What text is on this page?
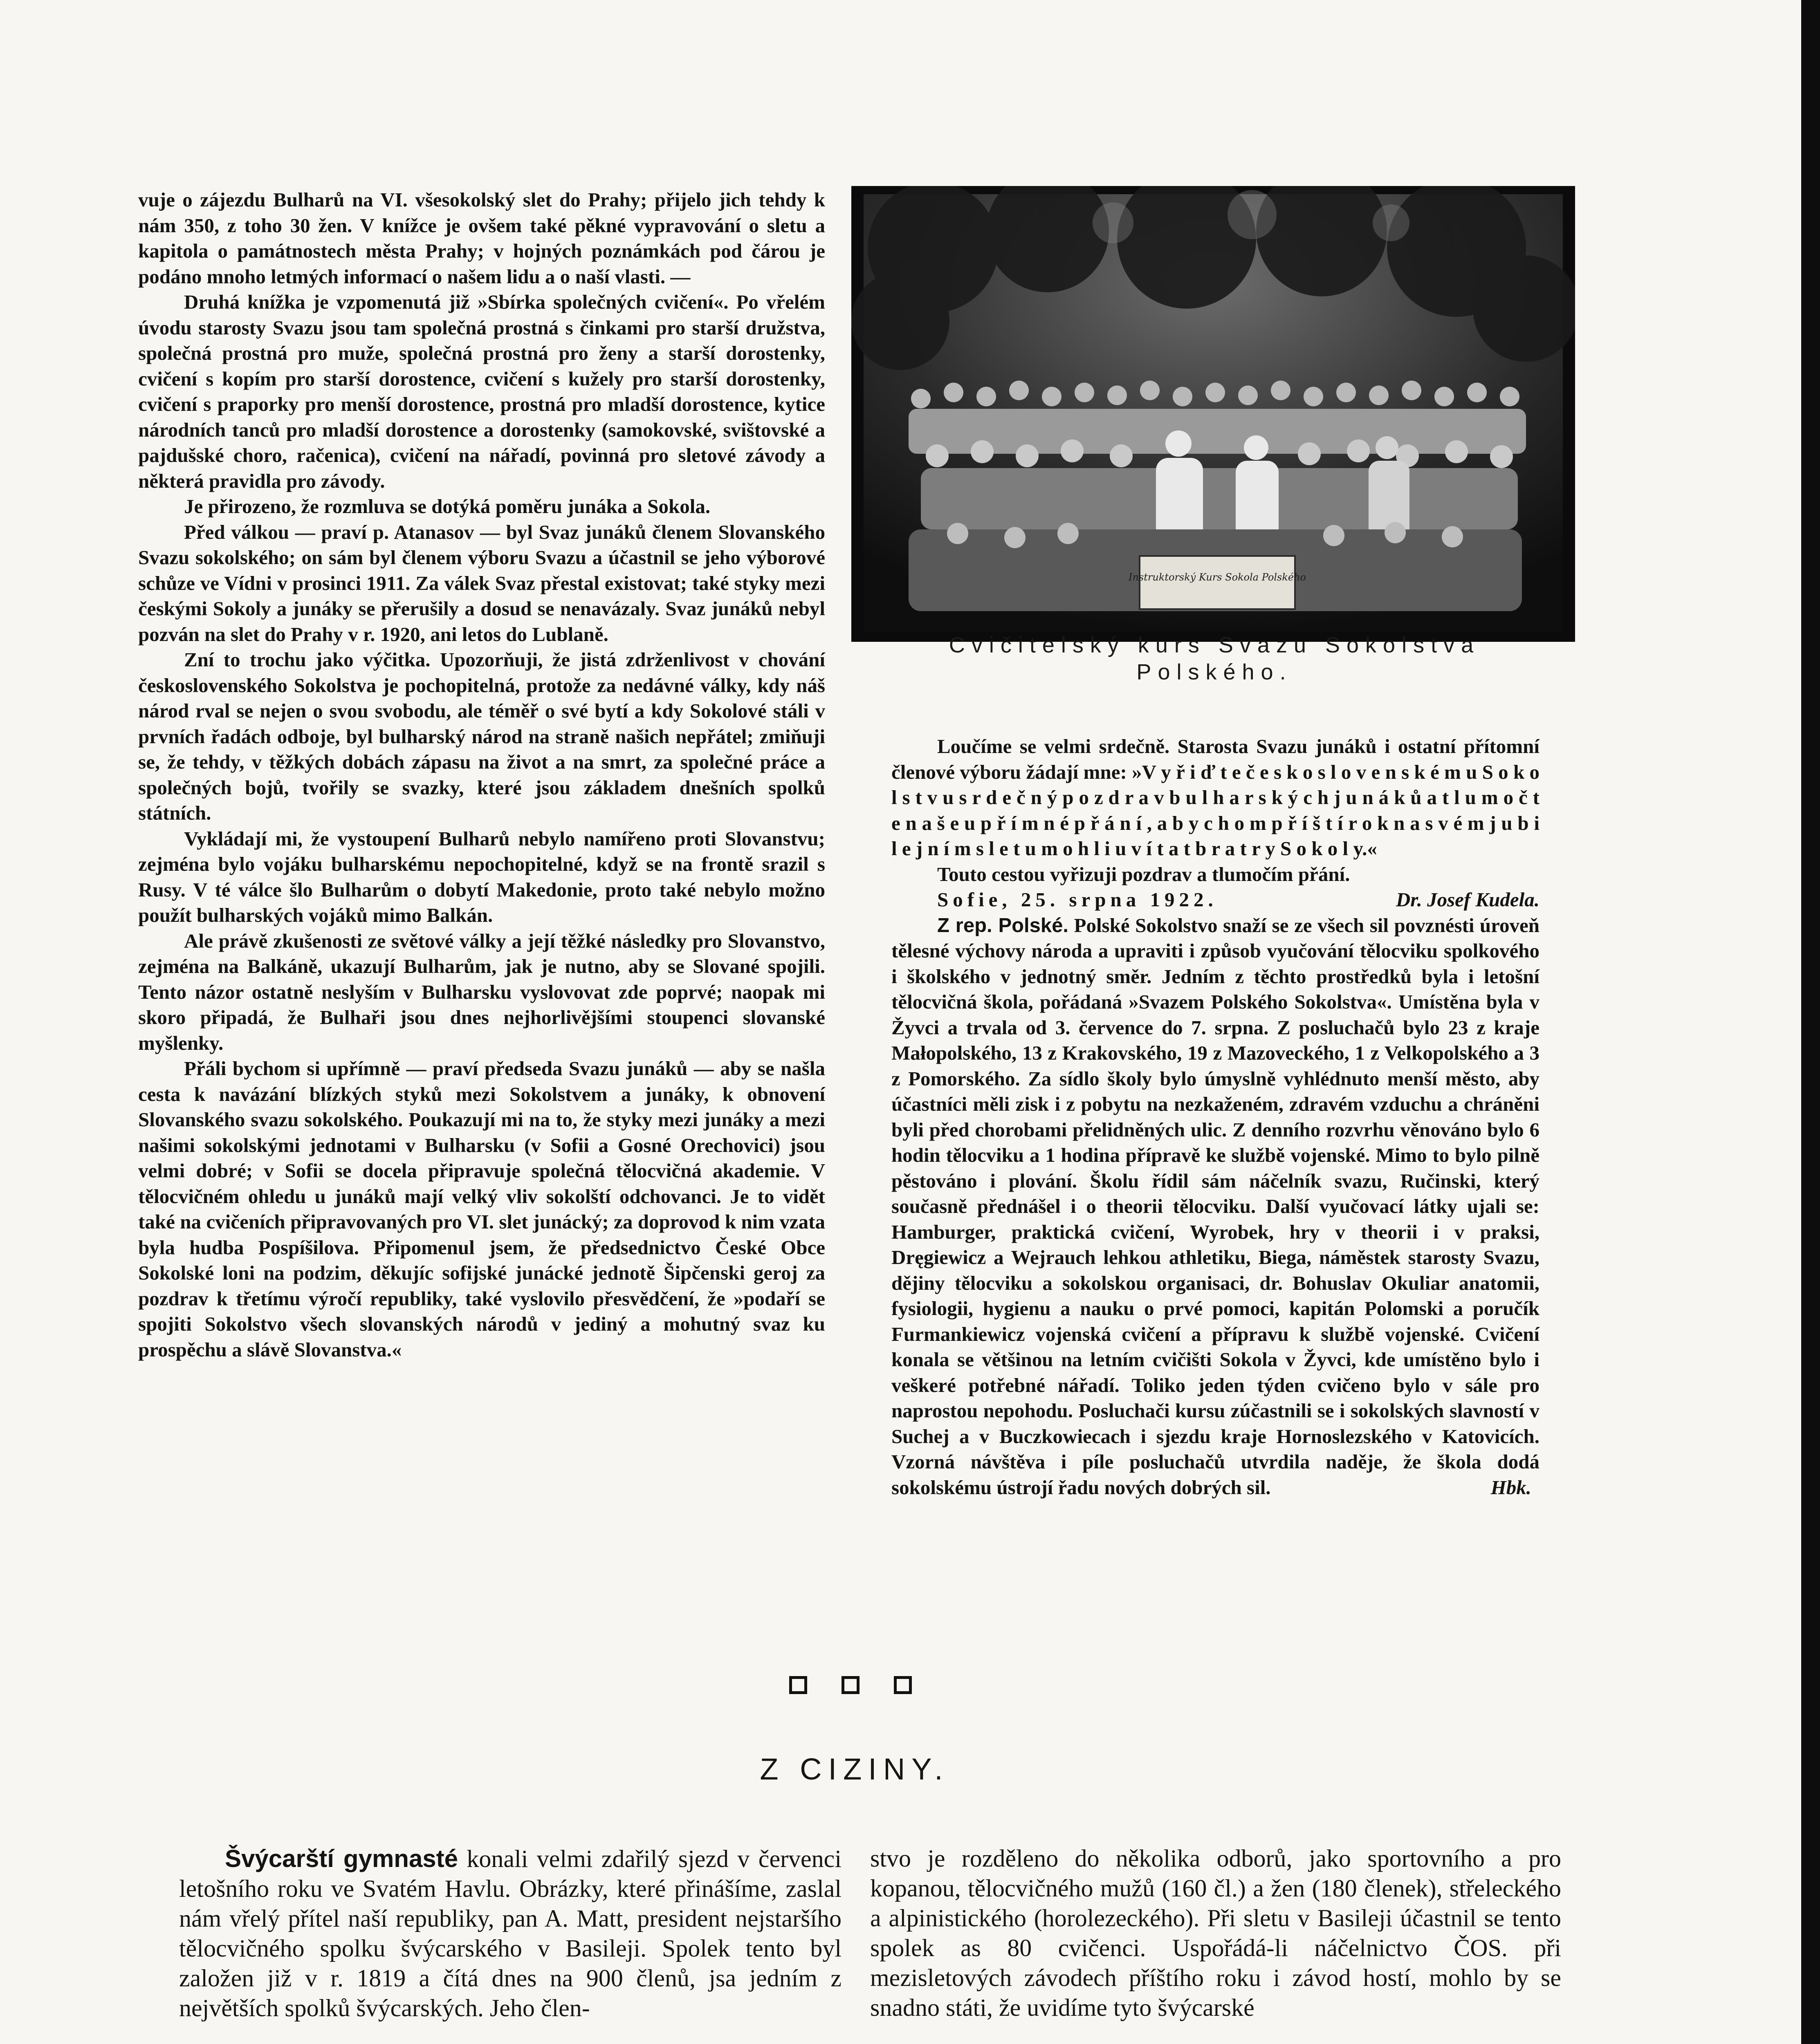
vuje o zájezdu Bulharů na VI. všesokolský slet do Prahy; přijelo jich tehdy k nám 350, z toho 30 žen. V knížce je ovšem také pěkné vypravování o sletu a kapitola o památnostech města Prahy; v hojných poznámkách pod čárou je podáno mnoho letmých informací o našem lidu a o naší vlasti. —

Druhá knížka je vzpomenutá již »Sbírka společných cvičení«. Po vřelém úvodu starosty Svazu jsou tam společná prostná s činkami pro starší družstva, společná prostná pro muže, společná prostná pro ženy a starší dorostenky, cvičení s kopím pro starší dorostence, cvičení s kužely pro starší dorostenky, cvičení s praporky pro menší dorostence, prostná pro mladší dorostence, kytice národních tanců pro mladší dorostence a dorostenky (samokovské, svištovské a pajdušské choro, račenica), cvičení na nářadí, povinná pro sletové závody a některá pravidla pro závody.

Je přirozeno, že rozmluva se dotýká poměru junáka a Sokola.

Před válkou — praví p. Atanasov — byl Svaz junáků členem Slovanského Svazu sokolského; on sám byl členem výboru Svazu a účastnil se jeho výborové schůze ve Vídni v prosinci 1911. Za válek Svaz přestal existovat; také styky mezi českými Sokoly a junáky se přerušily a dosud se nenavázaly. Svaz junáků nebyl pozván na slet do Prahy v r. 1920, ani letos do Lublaně.

Zní to trochu jako výčitka. Upozorňuji, že jistá zdrženlivost v chování československého Sokolstva je pochopitelná, protože za nedávné války, kdy náš národ rval se nejen o svou svobodu, ale téměř o své bytí a kdy Sokolové stáli v prvních řadách odboje, byl bulharský národ na straně našich nepřátel; zmiňuji se, že tehdy, v těžkých dobách zápasu na život a na smrt, za společné práce a společných bojů, tvořily se svazky, které jsou základem dnešních spolků státních.

Vykládají mi, že vystoupení Bulharů nebylo namířeno proti Slovanstvu; zejména bylo vojáku bulharskému nepochopitelné, když se na frontě srazil s Rusy. V té válce šlo Bulharům o dobytí Makedonie, proto také nebylo možno použít bulharských vojáků mimo Balkán.

Ale právě zkušenosti ze světové války a její těžké následky pro Slovanstvo, zejména na Balkáně, ukazují Bulharům, jak je nutno, aby se Slované spojili. Tento názor ostatně neslyším v Bulharsku vyslovovat zde poprvé; naopak mi skoro připadá, že Bulhaři jsou dnes nejhorlivějšími stoupenci slovanské myšlenky.

Přáli bychom si upřímně — praví předseda Svazu junáků — aby se našla cesta k navázání blízkých styků mezi Sokolstvem a junáky, k obnovení Slovanského svazu sokolského. Poukazují mi na to, že styky mezi junáky a mezi našimi sokolskými jednotami v Bulharsku (v Sofii a Gosné Orechovici) jsou velmi dobré; v Sofii se docela připravuje společná tělocvičná akademie. V tělocvičném ohledu u junáků mají velký vliv sokolští odchovanci. Je to vidět také na cvičeních připravovaných pro VI. slet junácký; za doprovod k nim vzata byla hudba Pospíšilova. Připomenul jsem, že předsednictvo České Obce Sokolské loni na podzim, děkujíc sofijské junácké jednotě Šipčenski geroj za pozdrav k třetímu výročí republiky, také vyslovilo přesvědčení, že »podaří se spojiti Sokolstvo všech slovanských národů v jediný a mohutný svaz ku prospěchu a slávě Slovanstva.«

Instruktorský Kurs Sokola Polského
Cvičitelský kurs Svazu Sokolstva Polského.

Loučíme se velmi srdečně. Starosta Svazu junáků i ostatní přítomní členové výboru žádají mne: »V y ř i ď t e č e s k o s l o v e n s k é m u S o k o l s t v u s r d e č n ý p o z d r a v b u l h a r s k ý c h j u n á k ů a t l u m o č t e n a š e u p ř í m n é p ř á n í , a b y c h o m p ř í š t í r o k n a s v é m j u b i l e j n í m s l e t u m o h l i u v í t a t b r a t r y S o k o l y.«

Touto cestou vyřizuji pozdrav a tlumočím přání.

Sofie, 25. srpna 1922.	Dr. Josef Kudela.

Z rep. Polské. Polské Sokolstvo snaží se ze všech sil povznésti úroveň tělesné výchovy národa a upraviti i způsob vyučování tělocviku spolkového i školského v jednotný směr. Jedním z těchto prostředků byla i letošní tělocvičná škola, pořádaná »Svazem Polského Sokolstva«. Umístěna byla v Žyvci a trvala od 3. července do 7. srpna. Z posluchačů bylo 23 z kraje Małopolského, 13 z Krakovského, 19 z Mazoveckého, 1 z Velkopolského a 3 z Pomorského. Za sídlo školy bylo úmyslně vyhlédnuto menší město, aby účastníci měli zisk i z pobytu na nezkaženém, zdravém vzduchu a chráněni byli před chorobami přelidněných ulic. Z denního rozvrhu věnováno bylo 6 hodin tělocviku a 1 hodina přípravě ke službě vojenské. Mimo to bylo pilně pěstováno i plování. Školu řídil sám náčelník svazu, Ručinski, který současně přednášel i o theorii tělocviku. Další vyučovací látky ujali se: Hamburger, praktická cvičení, Wyrobek, hry v theorii i v praksi, Dręgiewicz a Wejrauch lehkou athletiku, Biega, náměstek starosty Svazu, dějiny tělocviku a sokolskou organisaci, dr. Bohuslav Okuliar anatomii, fysiologii, hygienu a nauku o prvé pomoci, kapitán Polomski a poručík Furmankiewicz vojenská cvičení a přípravu k službě vojenské. Cvičení konala se většinou na letním cvičišti Sokola v Žyvci, kde umístěno bylo i veškeré potřebné nářadí. Toliko jeden týden cvičeno bylo v sále pro naprostou nepohodu. Posluchači kursu zúčastnili se i sokolských slavností v Suchej a v Buczkowiecach i sjezdu kraje Hornoslezského v Katovicích. Vzorná návštěva i píle posluchačů utvrdila naděje, že škola dodá sokolskému ústrojí řadu nových dobrých sil.	Hbk.

Z CIZINY.

Švýcarští gymnasté konali velmi zdařilý sjezd v červenci letošního roku ve Svatém Havlu. Obrázky, které přinášíme, zaslal nám vřelý přítel naší republiky, pan A. Matt, president nejstaršího tělocvičného spolku švýcarského v Basileji. Spolek tento byl založen již v r. 1819 a čítá dnes na 900 členů, jsa jedním z největších spolků švýcarských. Jeho člen-

stvo je rozděleno do několika odborů, jako sportovního a pro kopanou, tělocvičného mužů (160 čl.) a žen (180 členek), střeleckého a alpinistického (horolezeckého). Při sletu v Basileji účastnil se tento spolek as 80 cvičenci. Uspořádá-li náčelnictvo ČOS. při mezisletových závodech příštího roku i závod hostí, mohlo by se snadno státi, že uvidíme tyto švýcarské
